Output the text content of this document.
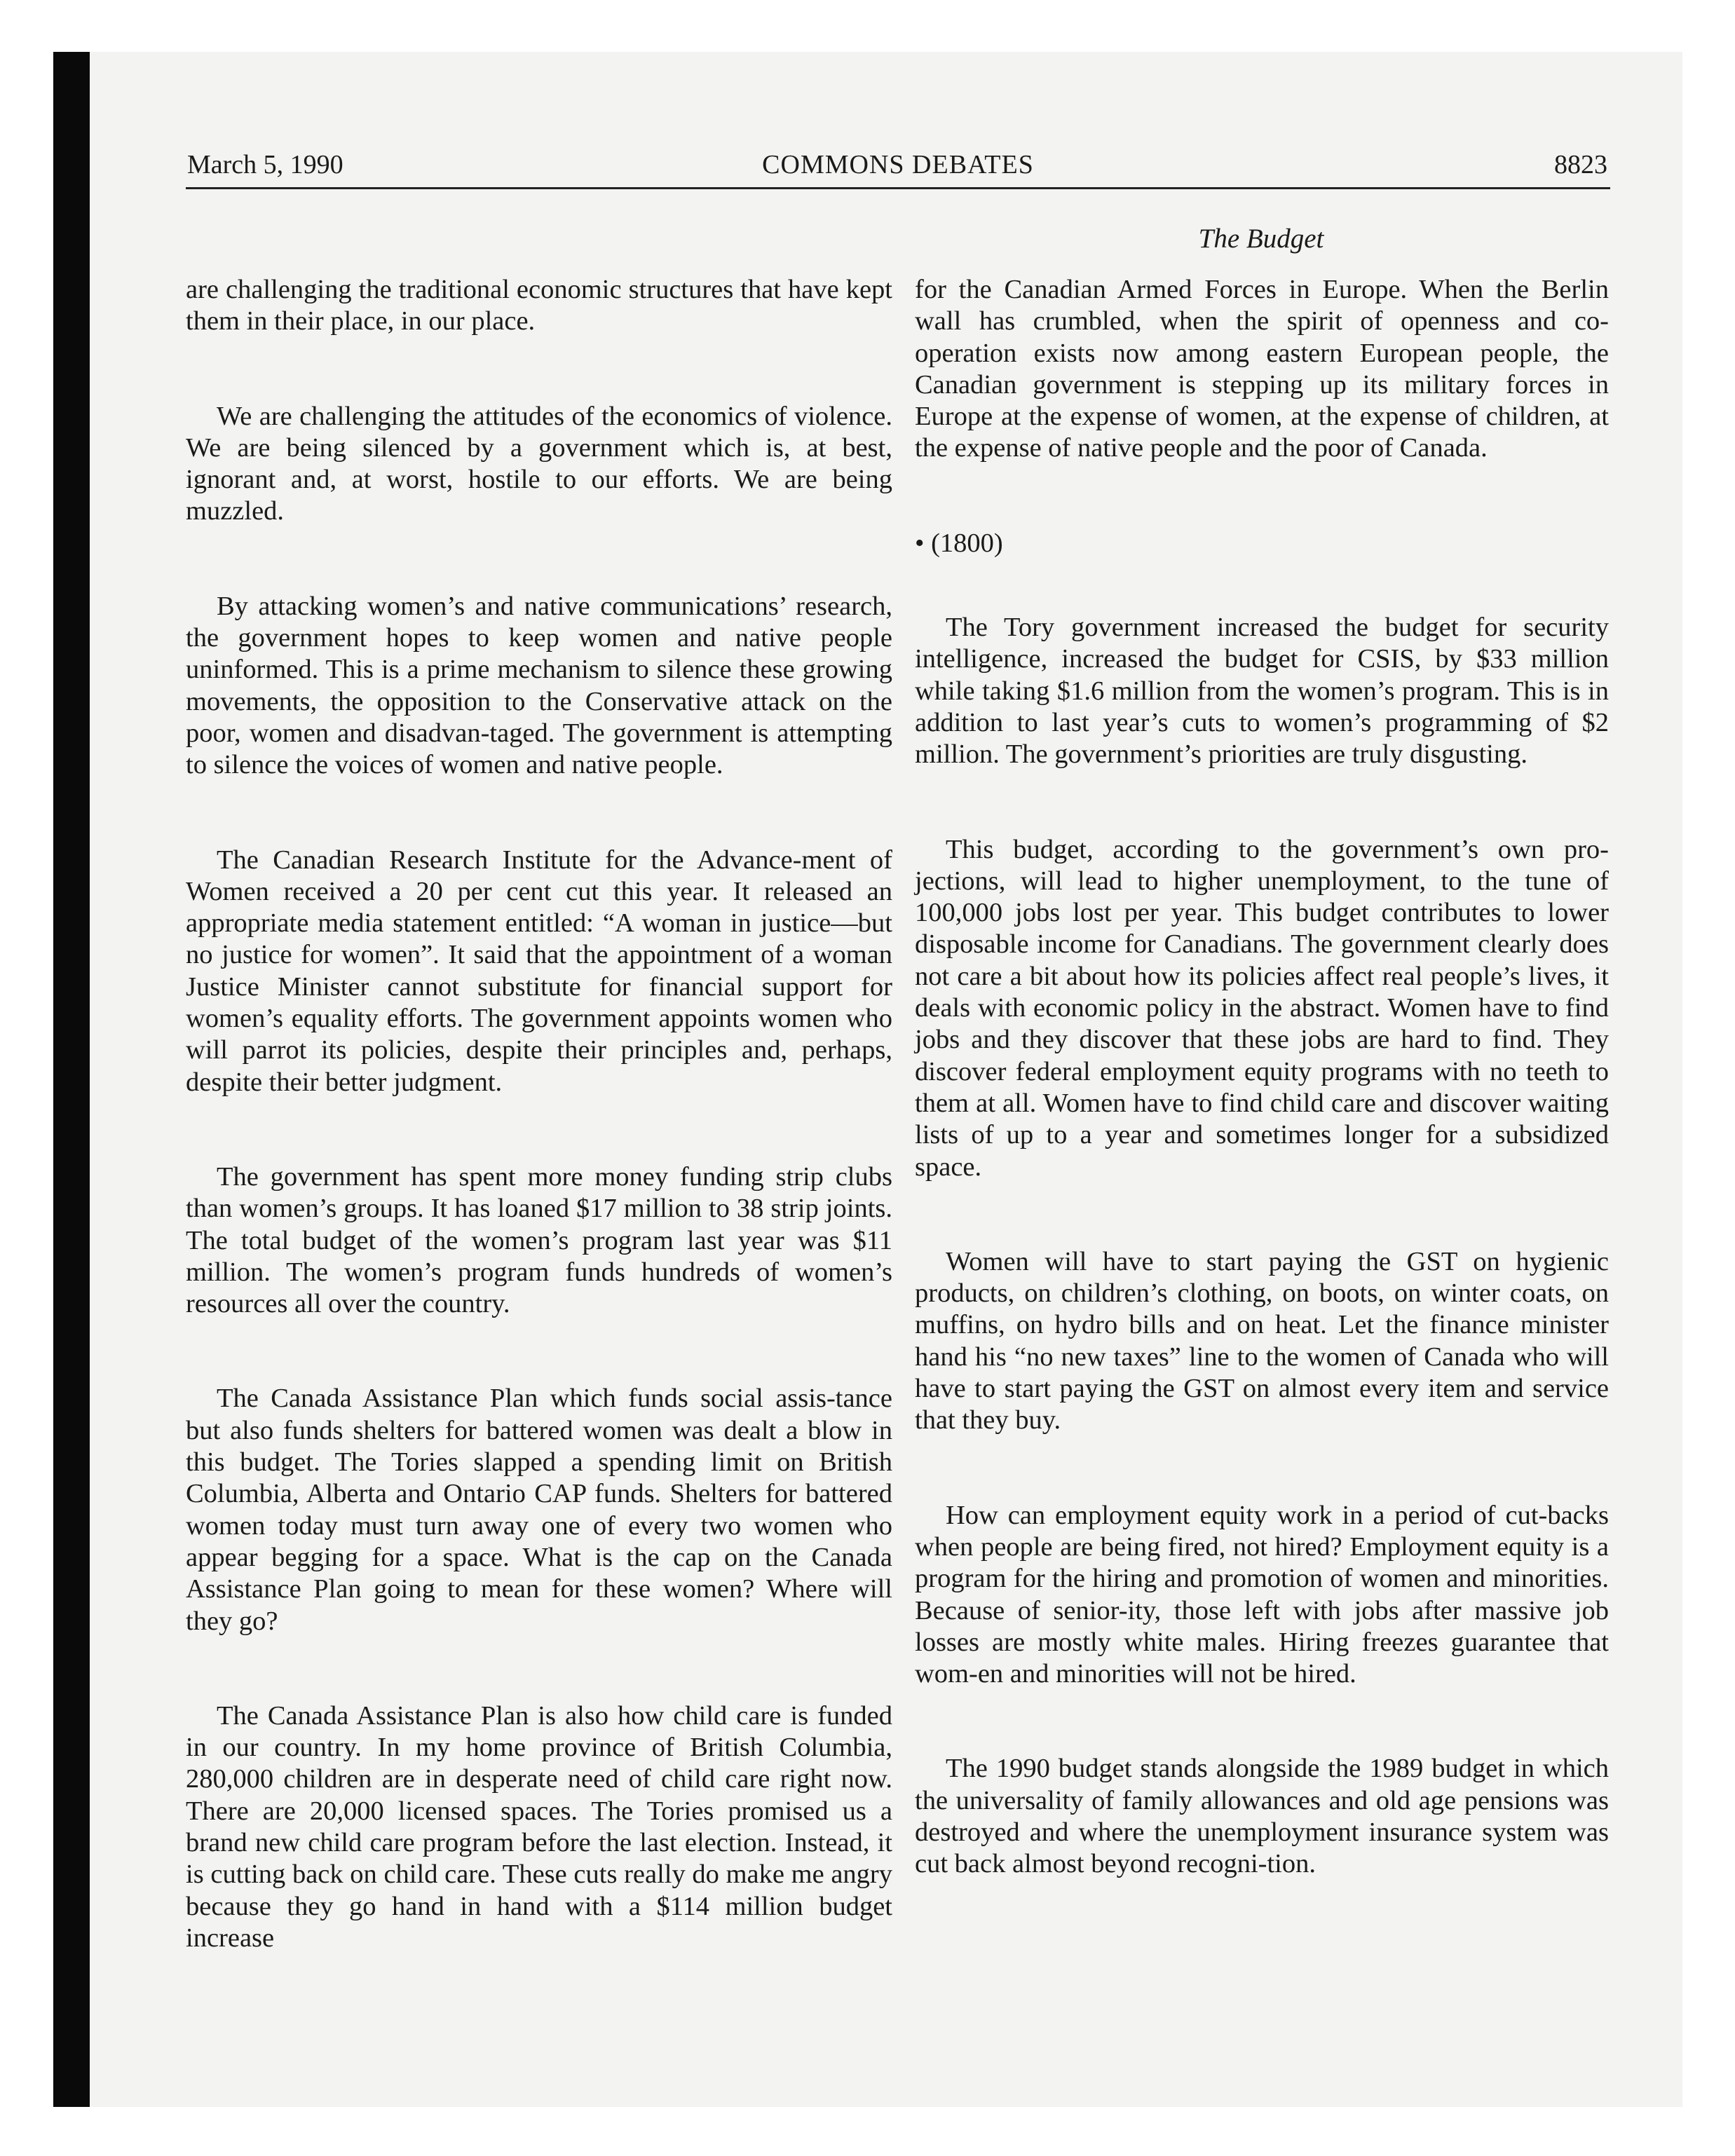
COMMONS DEBATES
March 5, 1990	8823
The Budget

are challenging the traditional economic structures that have kept them in their place, in our place.

We are challenging the attitudes of the economics of violence. We are being silenced by a government which is, at best, ignorant and, at worst, hostile to our efforts. We are being muzzled.

By attacking women’s and native communications’ research, the government hopes to keep women and native people uninformed. This is a prime mechanism to silence these growing movements, the opposition to the Conservative attack on the poor, women and disadvan-taged. The government is attempting to silence the voices of women and native people.

The Canadian Research Institute for the Advance-ment of Women received a 20 per cent cut this year. It released an appropriate media statement entitled: “A woman in justice—but no justice for women”. It said that the appointment of a woman Justice Minister cannot substitute for financial support for women’s equality efforts. The government appoints women who will parrot its policies, despite their principles and, perhaps, despite their better judgment.

The government has spent more money funding strip clubs than women’s groups. It has loaned $17 million to 38 strip joints. The total budget of the women’s program last year was $11 million. The women’s program funds hundreds of women’s resources all over the country.

The Canada Assistance Plan which funds social assis-tance but also funds shelters for battered women was dealt a blow in this budget. The Tories slapped a spending limit on British Columbia, Alberta and Ontario CAP funds. Shelters for battered women today must turn away one of every two women who appear begging for a space. What is the cap on the Canada Assistance Plan going to mean for these women? Where will they go?

The Canada Assistance Plan is also how child care is funded in our country. In my home province of British Columbia, 280,000 children are in desperate need of child care right now. There are 20,000 licensed spaces. The Tories promised us a brand new child care program before the last election. Instead, it is cutting back on child care. These cuts really do make me angry because they go hand in hand with a $114 million budget increase

for the Canadian Armed Forces in Europe. When the Berlin wall has crumbled, when the spirit of openness and co-operation exists now among eastern European people, the Canadian government is stepping up its military forces in Europe at the expense of women, at the expense of children, at the expense of native people and the poor of Canada.

• (1800)

The Tory government increased the budget for security intelligence, increased the budget for CSIS, by $33 million while taking $1.6 million from the women’s program. This is in addition to last year’s cuts to women’s programming of $2 million. The government’s priorities are truly disgusting.

This budget, according to the government’s own pro-jections, will lead to higher unemployment, to the tune of 100,000 jobs lost per year. This budget contributes to lower disposable income for Canadians. The government clearly does not care a bit about how its policies affect real people’s lives, it deals with economic policy in the abstract. Women have to find jobs and they discover that these jobs are hard to find. They discover federal employment equity programs with no teeth to them at all. Women have to find child care and discover waiting lists of up to a year and sometimes longer for a subsidized space.

Women will have to start paying the GST on hygienic products, on children’s clothing, on boots, on winter coats, on muffins, on hydro bills and on heat. Let the finance minister hand his “no new taxes” line to the women of Canada who will have to start paying the GST on almost every item and service that they buy.

How can employment equity work in a period of cut-backs when people are being fired, not hired? Employment equity is a program for the hiring and promotion of women and minorities. Because of senior-ity, those left with jobs after massive job losses are mostly white males. Hiring freezes guarantee that wom-en and minorities will not be hired.

The 1990 budget stands alongside the 1989 budget in which the universality of family allowances and old age pensions was destroyed and where the unemployment insurance system was cut back almost beyond recogni-tion.
